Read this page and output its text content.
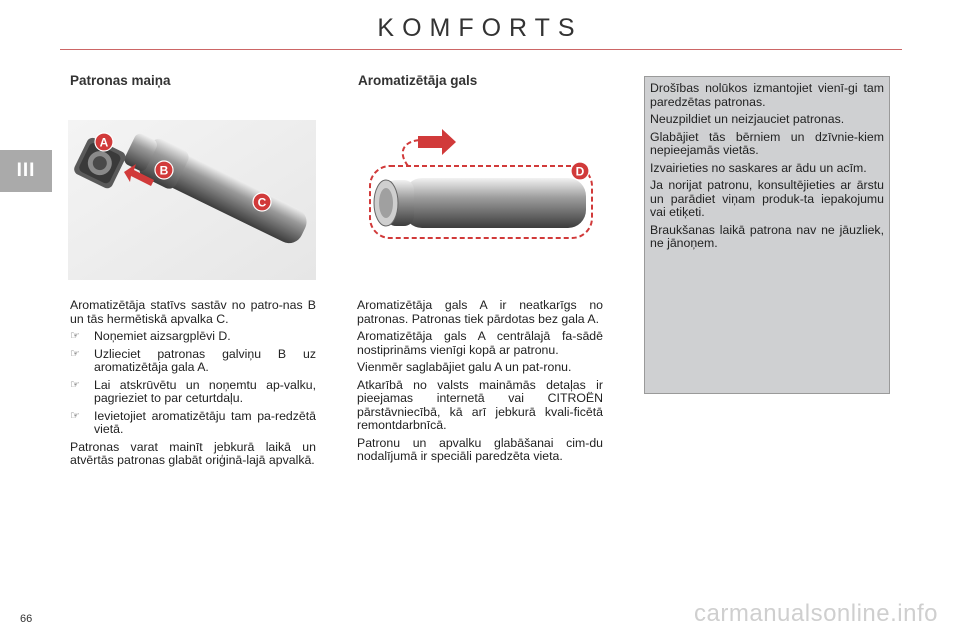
KOMFORTS
III
Patronas maiņa
A
B
C

Aromatizētāja statīvs sastāv no patro-nas B un tās hermētiskā apvalka C.

☞	Noņemiet aizsargplēvi D.
☞	Uzlieciet patronas galviņu B uz aromatizētāja gala A.
☞	Lai atskrūvētu un noņemtu ap-valku, pagrieziet to par ceturtdaļu.
☞	Ievietojiet aromatizētāju tam pa-redzētā vietā.

Patronas varat mainīt jebkurā laikā un atvērtās patronas glabāt oriģinā-lajā apvalkā.

Aromatizētāja gals
D

Aromatizētāja gals A ir neatkarīgs no patronas. Patronas tiek pārdotas bez gala A.

Aromatizētāja gals A centrālajā fa-sādē nostiprināms vienīgi kopā ar patronu.

Vienmēr saglabājiet galu A un pat-ronu.

Atkarībā no valsts maināmās detaļas ir pieejamas internetā vai CITROËN pārstāvniecībā, kā arī jebkurā kvali-ficētā remontdarbnīcā.

Patronu un apvalku glabāšanai cim-du nodalījumā ir speciāli paredzēta vieta.

Drošības nolūkos izmantojiet vienī-gi tam paredzētas patronas.

Neuzpildiet un neizjauciet patronas.

Glabājiet tās bērniem un dzīvnie-kiem nepieejamās vietās.

Izvairieties no saskares ar ādu un acīm.

Ja norijat patronu, konsultējieties ar ārstu un parādiet viņam produk-ta iepakojumu vai etiķeti.

Braukšanas laikā patrona nav ne jāuzliek, ne jānoņem.

66	carmanualsonline.info
